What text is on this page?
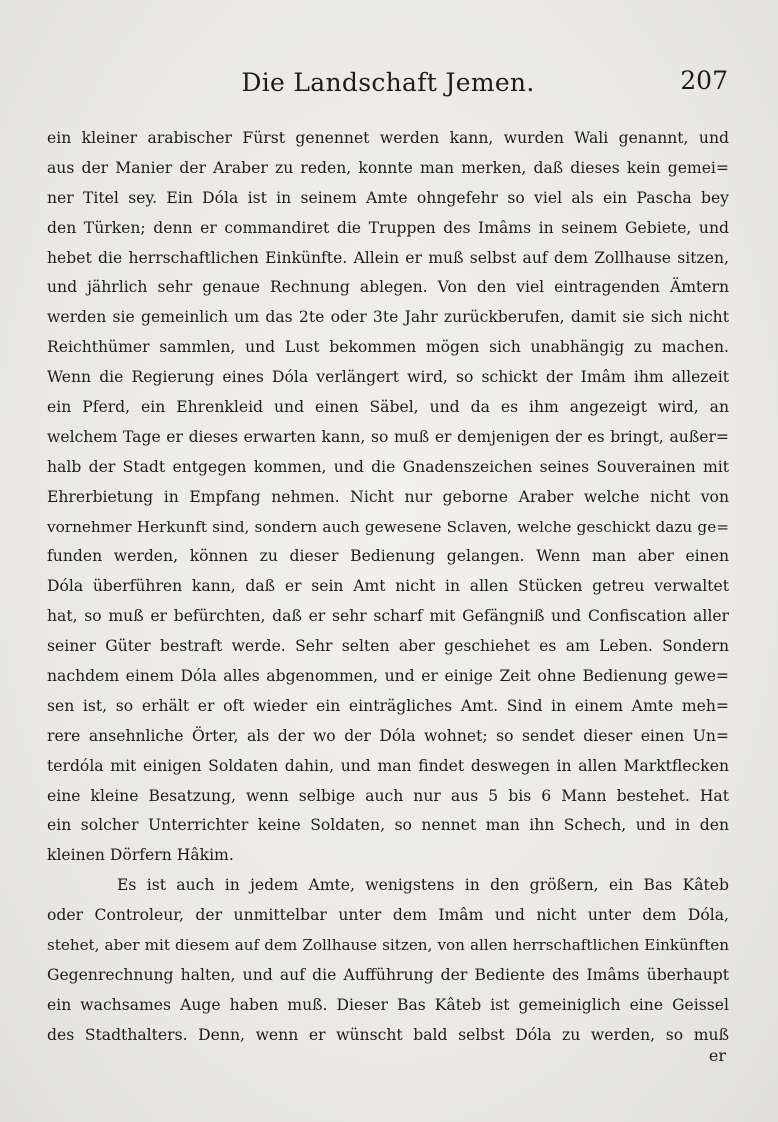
Die Landschaft Jemen.	207
ein kleiner arabischer Fürst genennet werden kann, wurden Wali genannt, und
aus der Manier der Araber zu reden, konnte man merken, daß dieses kein gemei=
ner Titel sey. Ein Dóla ist in seinem Amte ohngefehr so viel als ein Pascha bey
den Türken; denn er commandiret die Truppen des Imâms in seinem Gebiete, und
hebet die herrschaftlichen Einkünfte. Allein er muß selbst auf dem Zollhause sitzen,
und jährlich sehr genaue Rechnung ablegen. Von den viel eintragenden Ämtern
werden sie gemeinlich um das 2te oder 3te Jahr zurückberufen, damit sie sich nicht
Reichthümer sammlen, und Lust bekommen mögen sich unabhängig zu machen.
Wenn die Regierung eines Dóla verlängert wird, so schickt der Imâm ihm allezeit
ein Pferd, ein Ehrenkleid und einen Säbel, und da es ihm angezeigt wird, an
welchem Tage er dieses erwarten kann, so muß er demjenigen der es bringt, außer=
halb der Stadt entgegen kommen, und die Gnadenszeichen seines Souverainen mit
Ehrerbietung in Empfang nehmen. Nicht nur geborne Araber welche nicht von
vornehmer Herkunft sind, sondern auch gewesene Sclaven, welche geschickt dazu ge=
funden werden, können zu dieser Bedienung gelangen. Wenn man aber einen
Dóla überführen kann, daß er sein Amt nicht in allen Stücken getreu verwaltet
hat, so muß er befürchten, daß er sehr scharf mit Gefängniß und Confiscation aller
seiner Güter bestraft werde. Sehr selten aber geschiehet es am Leben. Sondern
nachdem einem Dóla alles abgenommen, und er einige Zeit ohne Bedienung gewe=
sen ist, so erhält er oft wieder ein einträgliches Amt. Sind in einem Amte meh=
rere ansehnliche Örter, als der wo der Dóla wohnet; so sendet dieser einen Un=
terdóla mit einigen Soldaten dahin, und man findet deswegen in allen Marktflecken
eine kleine Besatzung, wenn selbige auch nur aus 5 bis 6 Mann bestehet. Hat
ein solcher Unterrichter keine Soldaten, so nennet man ihn Schech, und in den
kleinen Dörfern Hâkim.
Es ist auch in jedem Amte, wenigstens in den größern, ein Bas Kâteb
oder Controleur, der unmittelbar unter dem Imâm und nicht unter dem Dóla,
stehet, aber mit diesem auf dem Zollhause sitzen, von allen herrschaftlichen Einkünften
Gegenrechnung halten, und auf die Aufführung der Bediente des Imâms überhaupt
ein wachsames Auge haben muß. Dieser Bas Kâteb ist gemeiniglich eine Geissel
des Stadthalters. Denn, wenn er wünscht bald selbst Dóla zu werden, so muß
er
